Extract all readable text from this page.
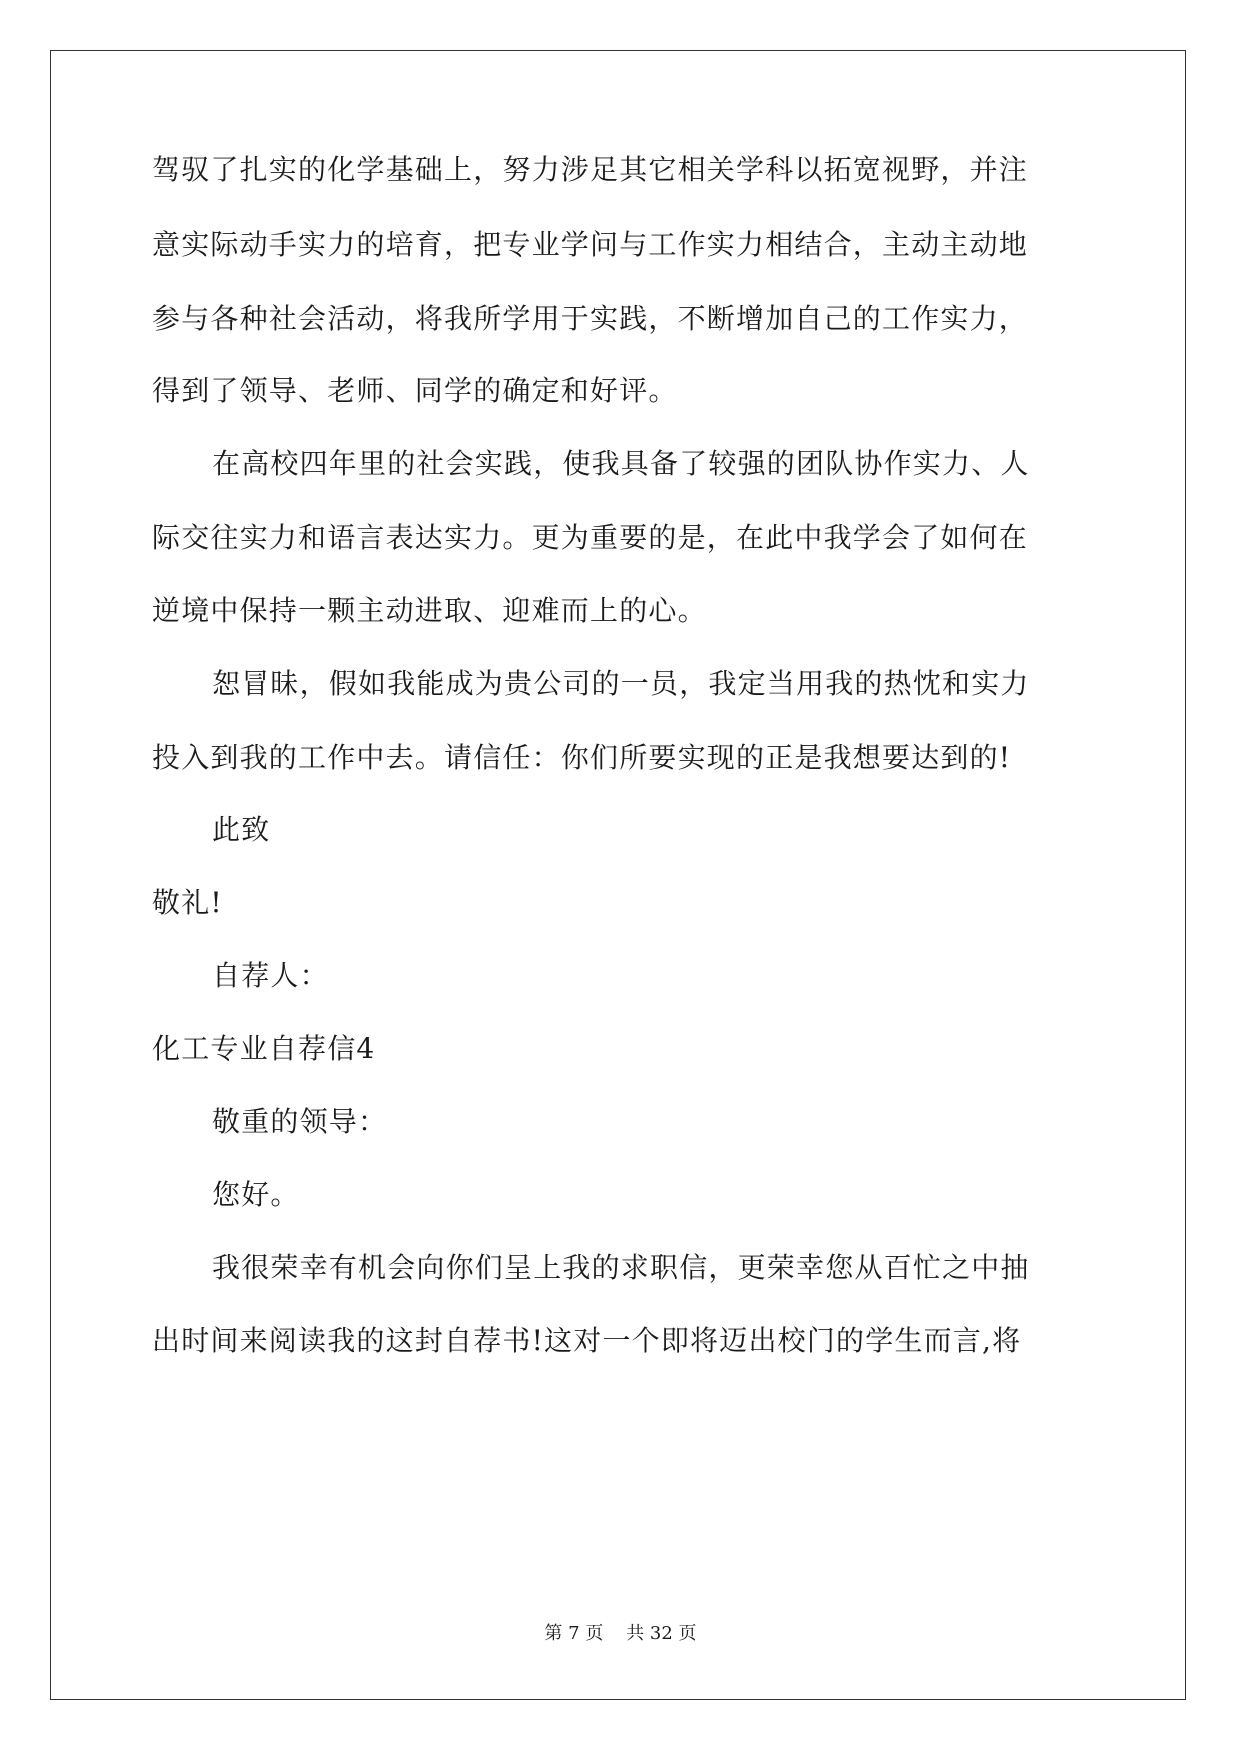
驾驭了扎实的化学基础上，努力涉足其它相关学科以拓宽视野，并注
意实际动手实力的培育，把专业学问与工作实力相结合，主动主动地
参与各种社会活动，将我所学用于实践，不断增加自己的工作实力，
得到了领导、老师、同学的确定和好评。
在高校四年里的社会实践，使我具备了较强的团队协作实力、人
际交往实力和语言表达实力。更为重要的是，在此中我学会了如何在
逆境中保持一颗主动进取、迎难而上的心。
恕冒昧，假如我能成为贵公司的一员，我定当用我的热忱和实力
投入到我的工作中去。请信任：你们所要实现的正是我想要达到的!
此致
敬礼!
自荐人：
化工专业自荐信4
敬重的领导：
您好。
我很荣幸有机会向你们呈上我的求职信，更荣幸您从百忙之中抽
出时间来阅读我的这封自荐书!这对一个即将迈出校门的学生而言,将
第 7 页    共 32 页
